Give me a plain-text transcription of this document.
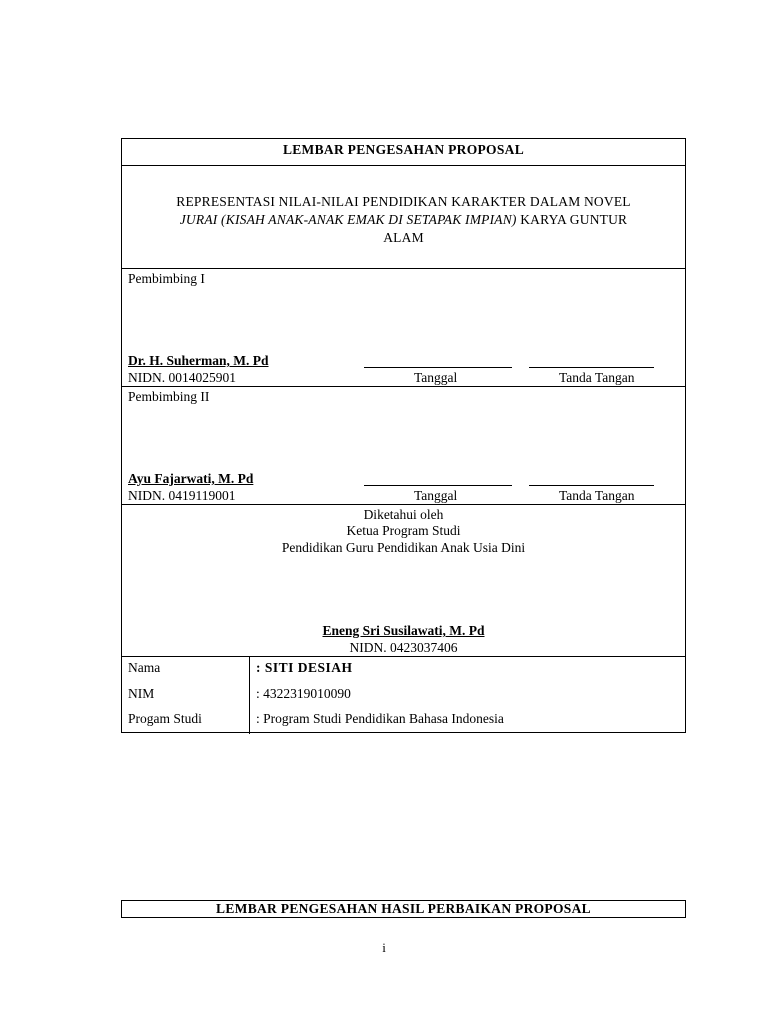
LEMBAR PENGESAHAN PROPOSAL
REPRESENTASI NILAI-NILAI PENDIDIKAN KARAKTER DALAM NOVEL
JURAI (KISAH ANAK-ANAK EMAK DI SETAPAK IMPIAN) KARYA GUNTUR
ALAM
Pembimbing I
Dr. H. Suherman, M. Pd
NIDN. 0014025901	Tanggal	Tanda Tangan
Pembimbing II
Ayu Fajarwati, M. Pd
NIDN. 0419119001	Tanggal	Tanda Tangan
Diketahui oleh
Ketua Program Studi
Pendidikan Guru Pendidikan Anak Usia Dini
Eneng Sri Susilawati, M. Pd
NIDN. 0423037406
Nama	: SITI DESIAH
NIM	: 4322319010090
Progam Studi	: Program Studi Pendidikan Bahasa Indonesia
LEMBAR PENGESAHAN HASIL PERBAIKAN PROPOSAL
i
